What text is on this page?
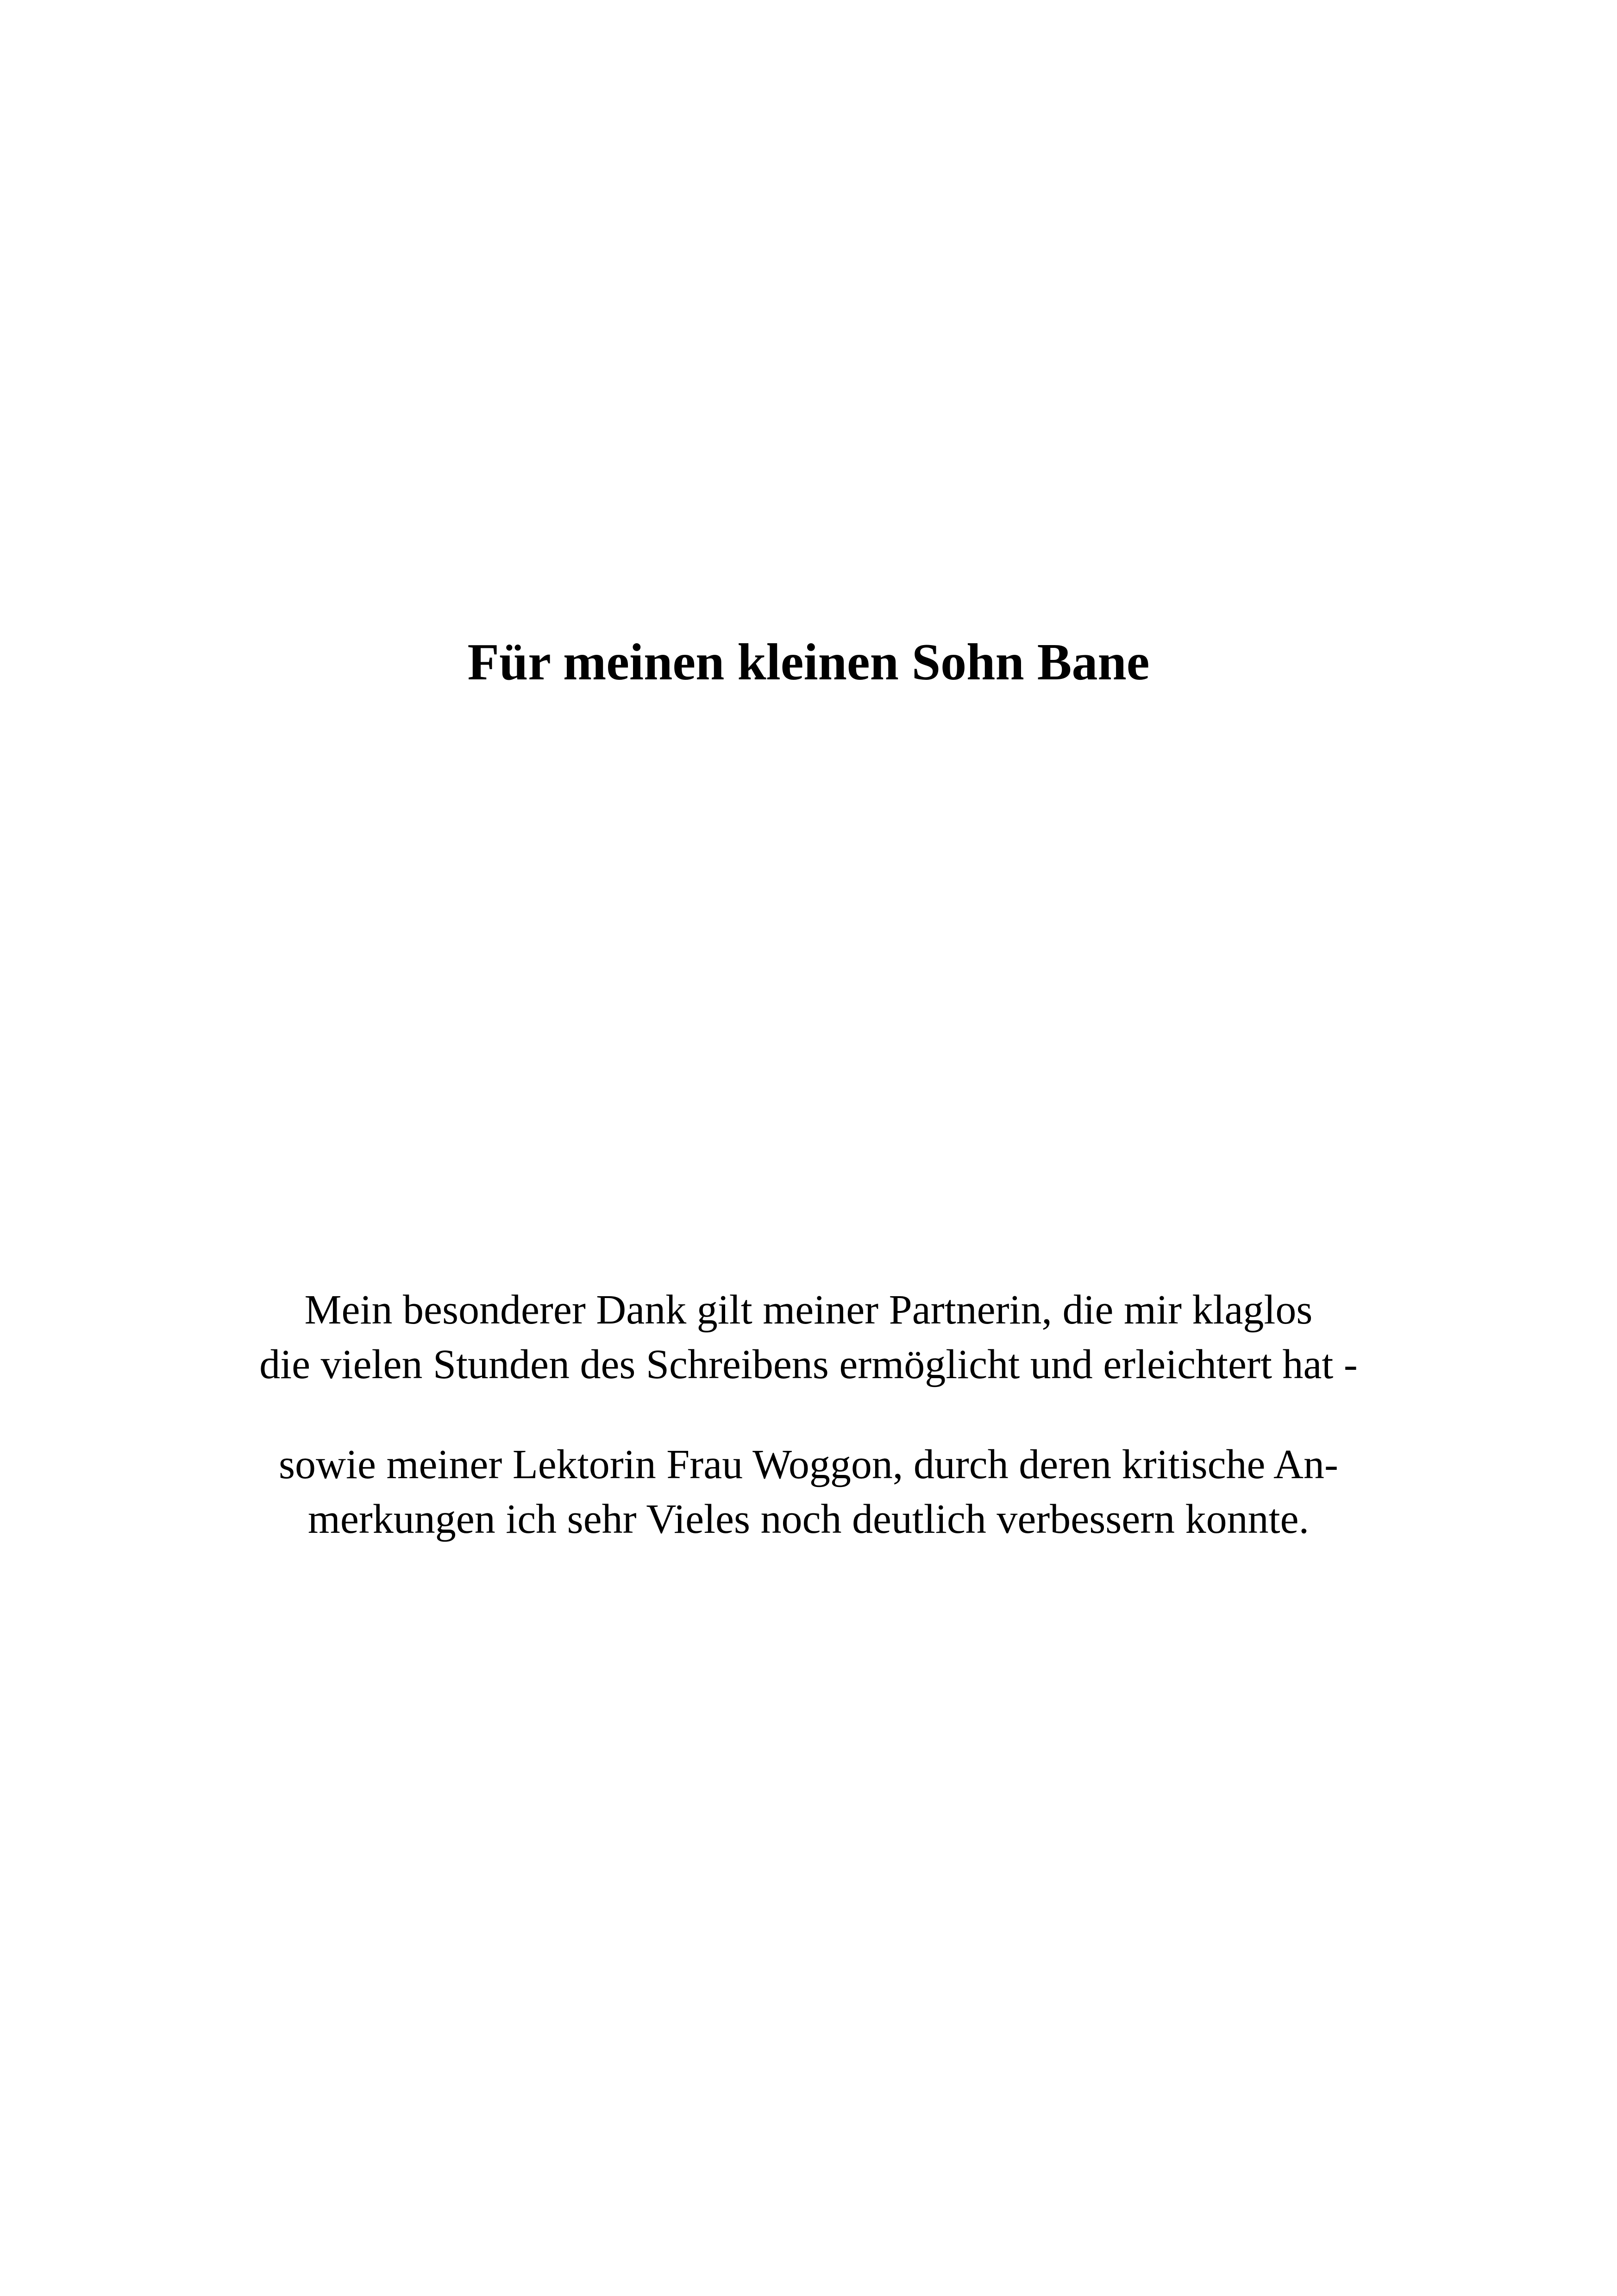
Für meinen kleinen Sohn Bane
Mein besonderer Dank gilt meiner Partnerin, die mir klaglos
die vielen Stunden des Schreibens ermöglicht und erleichtert hat -
sowie meiner Lektorin Frau Woggon, durch deren kritische An-
merkungen ich sehr Vieles noch deutlich verbessern konnte.
